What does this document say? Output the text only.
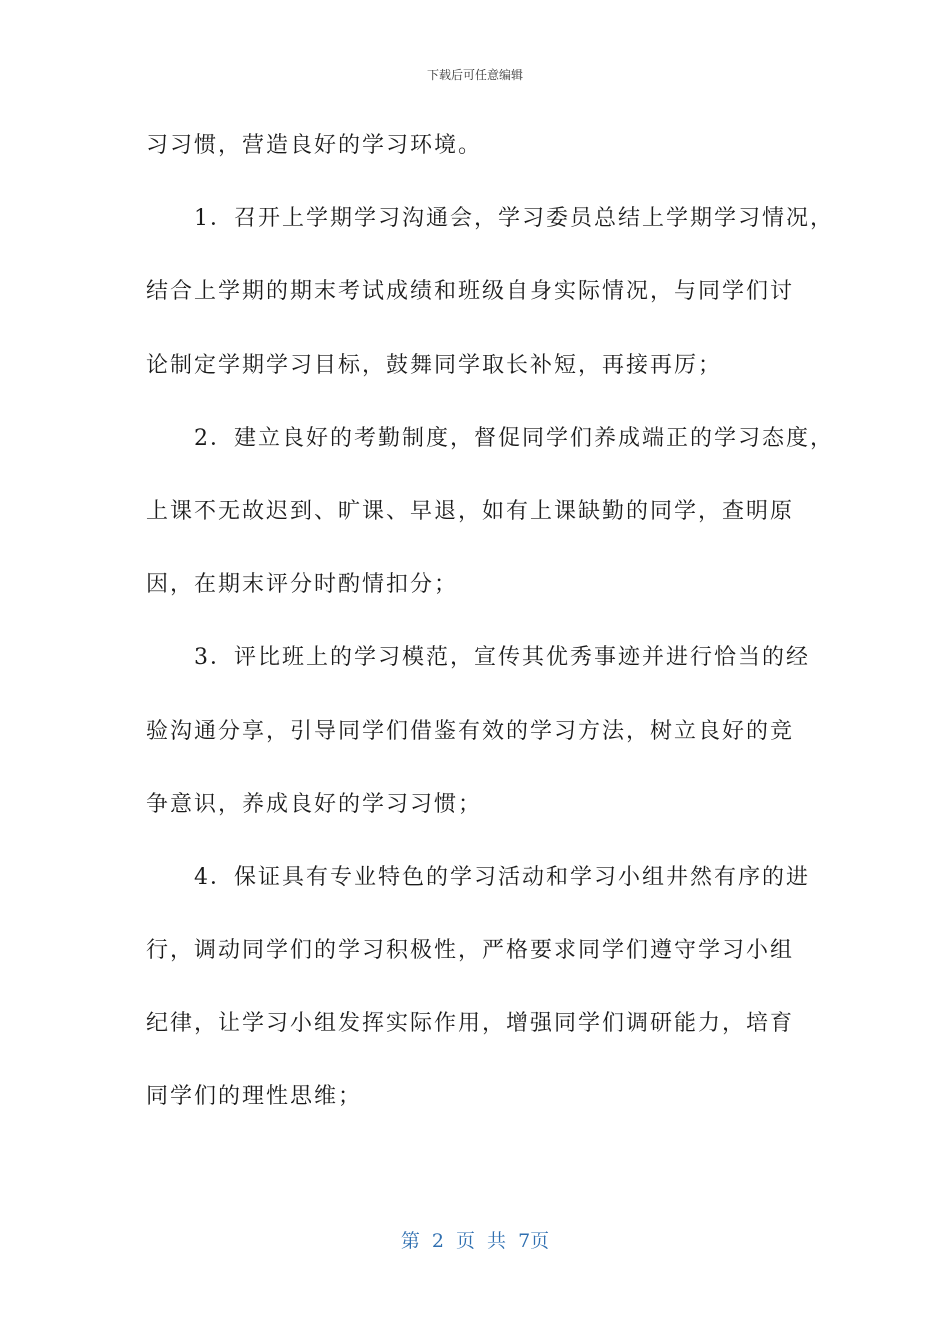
下载后可任意编辑
习习惯，营造良好的学习环境。
　　1．召开上学期学习沟通会，学习委员总结上学期学习情况，
结合上学期的期末考试成绩和班级自身实际情况，与同学们讨
论制定学期学习目标，鼓舞同学取长补短，再接再厉；
　　2．建立良好的考勤制度，督促同学们养成端正的学习态度，
上课不无故迟到、旷课、早退，如有上课缺勤的同学，查明原
因，在期末评分时酌情扣分；
　　3．评比班上的学习模范，宣传其优秀事迹并进行恰当的经
验沟通分享，引导同学们借鉴有效的学习方法，树立良好的竞
争意识，养成良好的学习习惯；
　　4．保证具有专业特色的学习活动和学习小组井然有序的进
行，调动同学们的学习积极性，严格要求同学们遵守学习小组
纪律，让学习小组发挥实际作用，增强同学们调研能力，培育
同学们的理性思维；
第 2 页 共 7页
